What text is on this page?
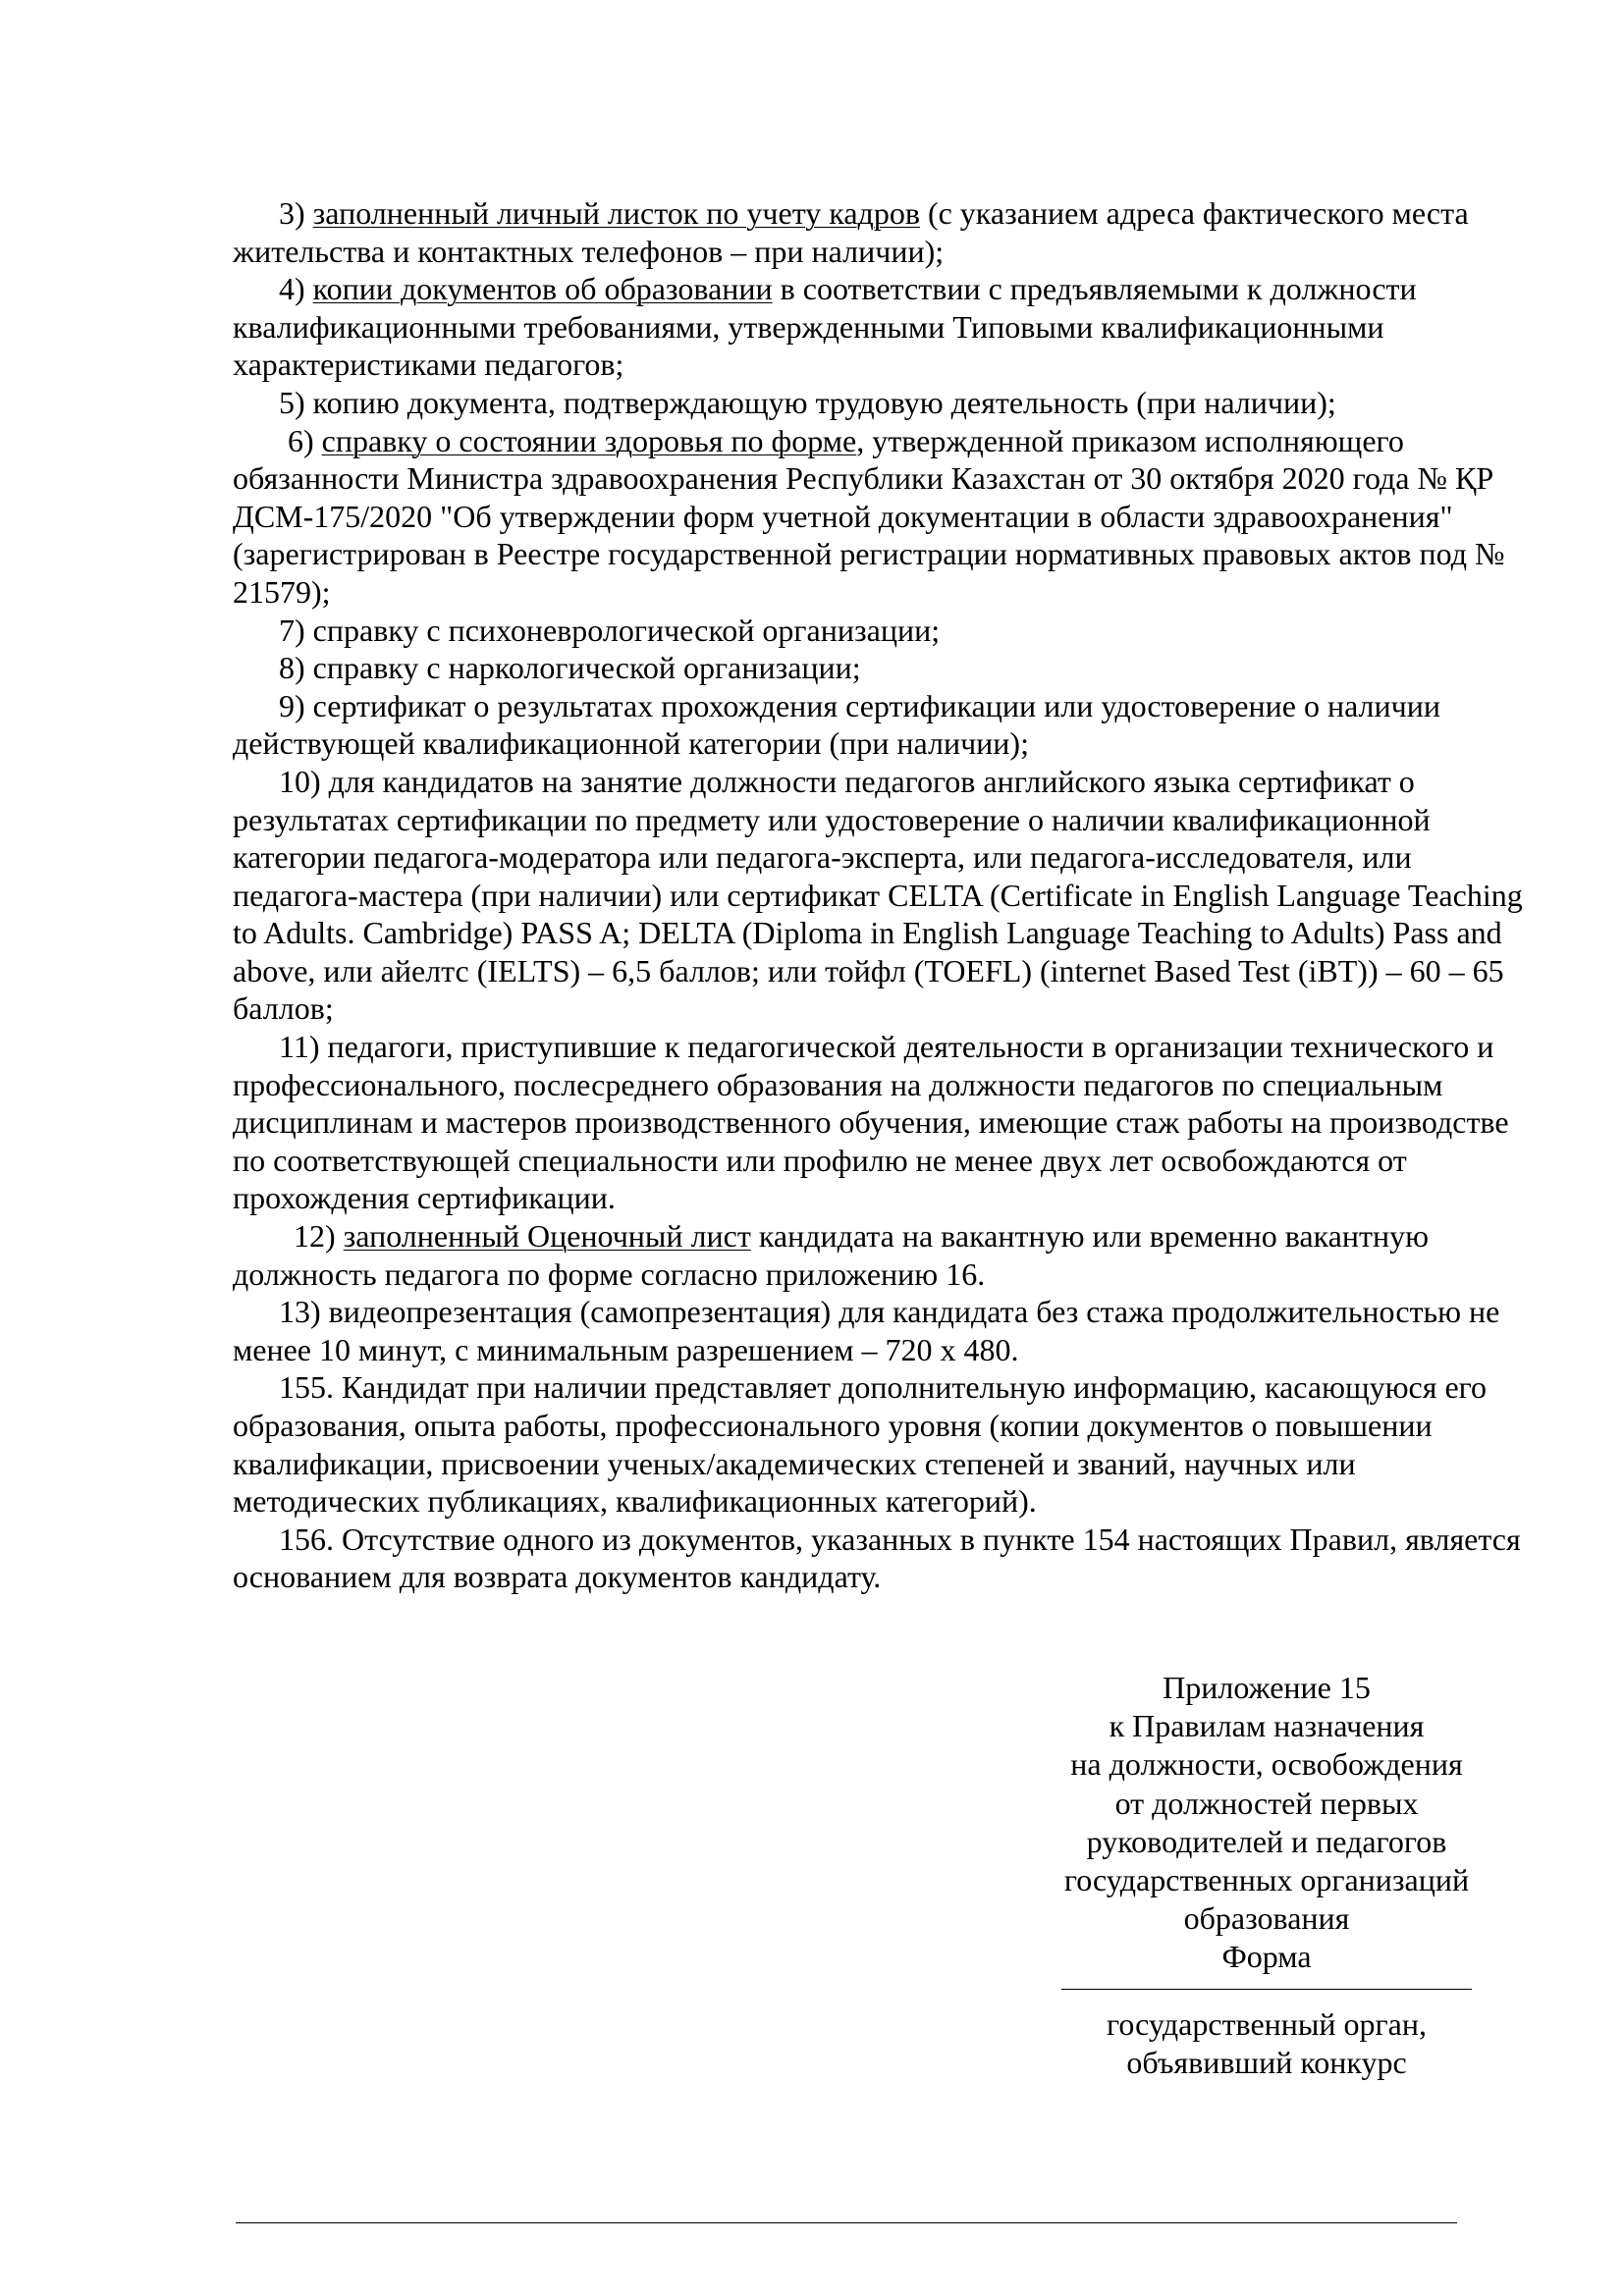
3) заполненный личный листок по учету кадров (с указанием адреса фактического места жительства и контактных телефонов – при наличии);

4) копии документов об образовании в соответствии с предъявляемыми к должности квалификационными требованиями, утвержденными Типовыми квалификационными характеристиками педагогов;

5) копию документа, подтверждающую трудовую деятельность (при наличии);

6) справку о состоянии здоровья по форме, утвержденной приказом исполняющего обязанности Министра здравоохранения Республики Казахстан от 30 октября 2020 года № ҚР ДСМ-175/2020 "Об утверждении форм учетной документации в области здравоохранения" (зарегистрирован в Реестре государственной регистрации нормативных правовых актов под № 21579);

7) справку с психоневрологической организации;

8) справку с наркологической организации;

9) сертификат о результатах прохождения сертификации или удостоверение о наличии действующей квалификационной категории (при наличии);

10) для кандидатов на занятие должности педагогов английского языка сертификат о результатах сертификации по предмету или удостоверение о наличии квалификационной категории педагога-модератора или педагога-эксперта, или педагога-исследователя, или педагога-мастера (при наличии) или сертификат CELTA (Certificate in English Language Teaching to Adults. Cambridge) PASS A; DELTA (Diploma in English Language Teaching to Adults) Pass and above, или айелтс (IELTS) – 6,5 баллов; или тойфл (TOEFL) (internet Based Test (iBT)) – 60 – 65 баллов;

11) педагоги, приступившие к педагогической деятельности в организации технического и профессионального, послесреднего образования на должности педагогов по специальным дисциплинам и мастеров производственного обучения, имеющие стаж работы на производстве по соответствующей специальности или профилю не менее двух лет освобождаются от прохождения сертификации.

12) заполненный Оценочный лист кандидата на вакантную или временно вакантную должность педагога по форме согласно приложению 16.

13) видеопрезентация (самопрезентация) для кандидата без стажа продолжительностью не менее 10 минут, с минимальным разрешением – 720 x 480.

155. Кандидат при наличии представляет дополнительную информацию, касающуюся его образования, опыта работы, профессионального уровня (копии документов о повышении квалификации, присвоении ученых/академических степеней и званий, научных или методических публикациях, квалификационных категорий).

156. Отсутствие одного из документов, указанных в пункте 154 настоящих Правил, является основанием для возврата документов кандидату.

Приложение 15
к Правилам назначения
на должности, освобождения
от должностей первых
руководителей и педагогов
государственных организаций
образования
Форма
государственный орган,
объявивший конкурс
